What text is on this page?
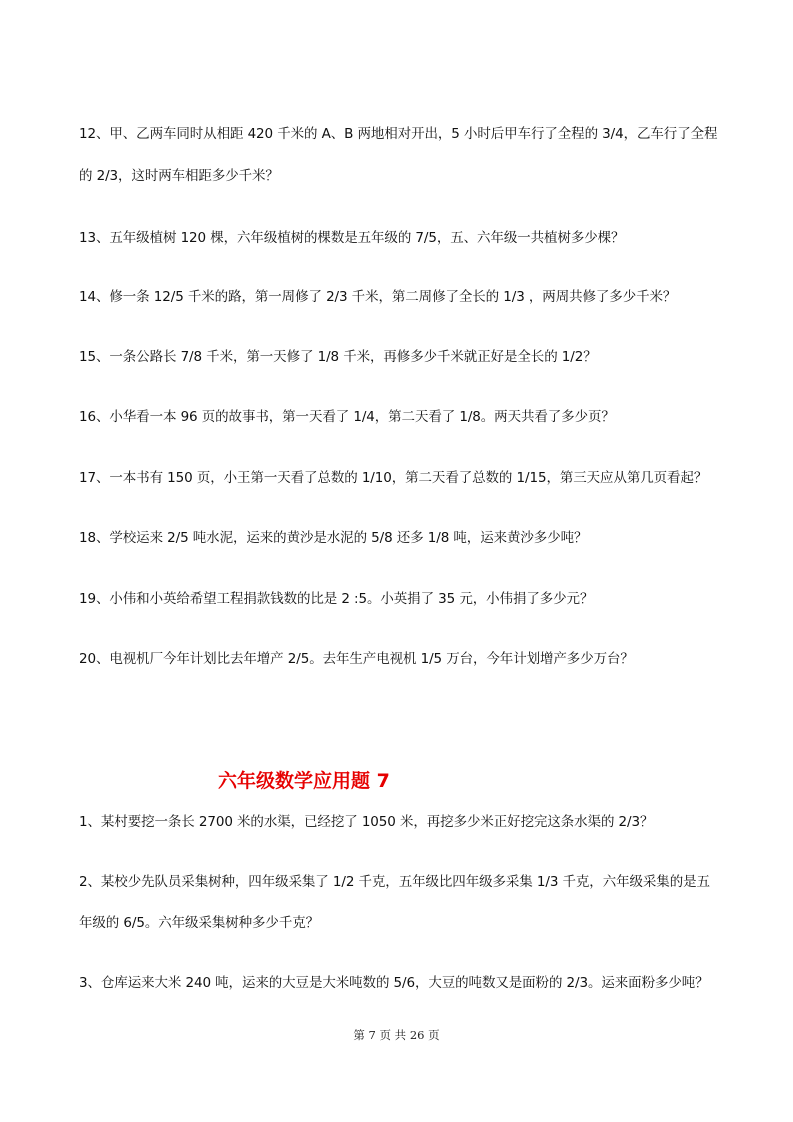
12、甲、乙两车同时从相距 420 千米的 A、B 两地相对开出，5 小时后甲车行了全程的 3/4，乙车行了全程
的 2/3，这时两车相距多少千米？
13、五年级植树 120 棵，六年级植树的棵数是五年级的 7/5，五、六年级一共植树多少棵？
14、修一条 12/5 千米的路，第一周修了 2/3 千米，第二周修了全长的 1/3 ，两周共修了多少千米？
15、一条公路长 7/8 千米，第一天修了 1/8 千米，再修多少千米就正好是全长的 1/2？
16、小华看一本 96 页的故事书，第一天看了 1/4，第二天看了 1/8。两天共看了多少页？
17、一本书有 150 页，小王第一天看了总数的 1/10，第二天看了总数的 1/15，第三天应从第几页看起？
18、学校运来 2/5 吨水泥，运来的黄沙是水泥的 5/8 还多 1/8 吨，运来黄沙多少吨？
19、小伟和小英给希望工程捐款钱数的比是 2 :5。小英捐了 35 元，小伟捐了多少元？
20、电视机厂今年计划比去年增产 2/5。去年生产电视机 1/5 万台，今年计划增产多少万台？
六年级数学应用题 7
1、某村要挖一条长 2700 米的水渠，已经挖了 1050 米，再挖多少米正好挖完这条水渠的 2/3？
2、某校少先队员采集树种，四年级采集了 1/2 千克，五年级比四年级多采集 1/3 千克，六年级采集的是五
年级的 6/5。六年级采集树种多少千克？
3、仓库运来大米 240 吨，运来的大豆是大米吨数的 5/6，大豆的吨数又是面粉的 2/3。运来面粉多少吨？
第 7 页 共 26 页
